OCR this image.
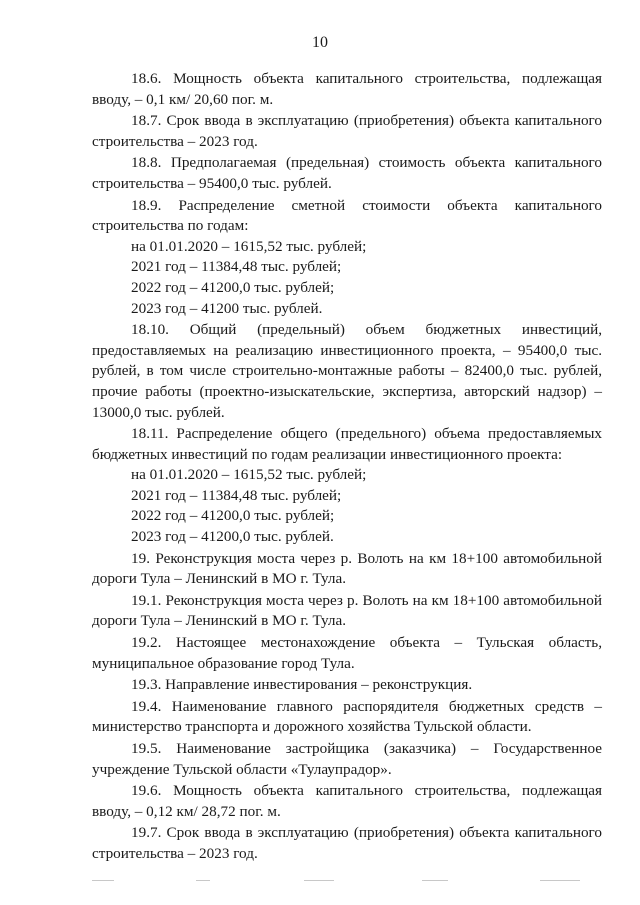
10

18.6. Мощность объекта капитального строительства, подлежащая вводу, – 0,1 км/ 20,60 пог. м.

18.7. Срок ввода в эксплуатацию (приобретения) объекта капитального строительства – 2023 год.

18.8. Предполагаемая (предельная) стоимость объекта капитального строительства – 95400,0 тыс. рублей.

18.9. Распределение сметной стоимости объекта капитального строительства по годам:

на 01.01.2020 – 1615,52 тыс. рублей;

2021 год – 11384,48 тыс. рублей;

2022 год – 41200,0 тыс. рублей;

2023 год – 41200 тыс. рублей.

18.10. Общий (предельный) объем бюджетных инвестиций, предоставляемых на реализацию инвестиционного проекта, – 95400,0 тыс. рублей, в том числе строительно-монтажные работы – 82400,0 тыс. рублей, прочие работы (проектно-изыскательские, экспертиза, авторский надзор) – 13000,0 тыс. рублей.

18.11. Распределение общего (предельного) объема предоставляемых бюджетных инвестиций по годам реализации инвестиционного проекта:

на 01.01.2020 – 1615,52 тыс. рублей;

2021 год – 11384,48 тыс. рублей;

2022 год – 41200,0 тыс. рублей;

2023 год – 41200,0 тыс. рублей.

19. Реконструкция моста через р. Волоть на км 18+100 автомобильной дороги Тула – Ленинский в МО г. Тула.

19.1. Реконструкция моста через р. Волоть на км 18+100 автомобильной дороги Тула – Ленинский в МО г. Тула.

19.2. Настоящее местонахождение объекта – Тульская область, муниципальное образование город Тула.

19.3. Направление инвестирования – реконструкция.

19.4. Наименование главного распорядителя бюджетных средств – министерство транспорта и дорожного хозяйства Тульской области.

19.5. Наименование застройщика (заказчика) – Государственное учреждение Тульской области «Тулаупрадор».

19.6. Мощность объекта капитального строительства, подлежащая вводу, – 0,12 км/ 28,72 пог. м.

19.7. Срок ввода в эксплуатацию (приобретения) объекта капитального строительства – 2023 год.
